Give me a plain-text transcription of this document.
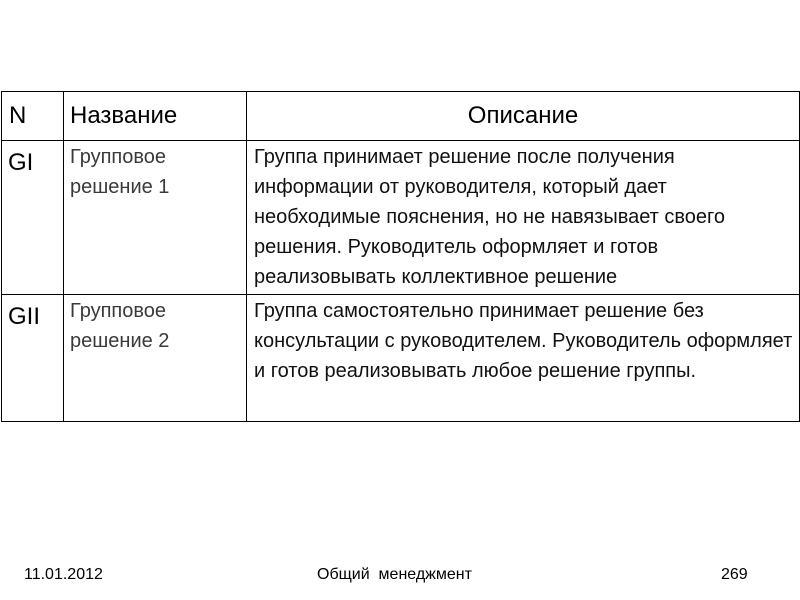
N	Название	Описание
GI	Групповое решение 1	Группа принимает решение после получения информации от руководителя, который дает необходимые пояснения, но не навязывает своего решения. Руководитель оформляет и готов реализовывать коллективное решение
GII	Групповое решение 2	Группа самостоятельно принимает решение без консультации с руководителем. Руководитель оформляет и готов реализовывать любое решение группы.
11.01.2012	Общий  менеджмент	269
